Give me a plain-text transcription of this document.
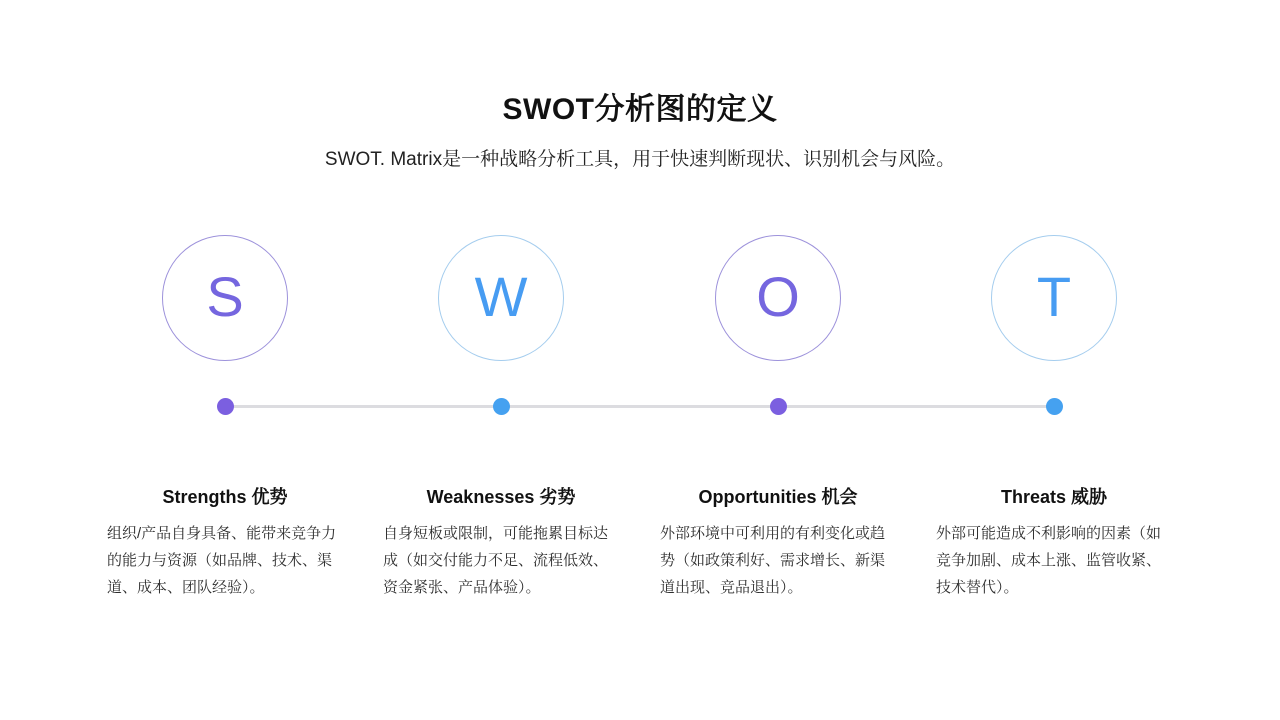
SWOT分析图的定义
SWOT. Matrix是一种战略分析工具，用于快速判断现状、识别机会与风险。
S	W	O	T
Strengths 优势
组织/产品自身具备、能带来竞争力的能力与资源（如品牌、技术、渠道、成本、团队经验）。
Weaknesses 劣势
自身短板或限制，可能拖累目标达成（如交付能力不足、流程低效、资金紧张、产品体验）。
Opportunities 机会
外部环境中可利用的有利变化或趋势（如政策利好、需求增长、新渠道出现、竞品退出）。
Threats 威胁
外部可能造成不利影响的因素（如竞争加剧、成本上涨、监管收紧、技术替代）。
